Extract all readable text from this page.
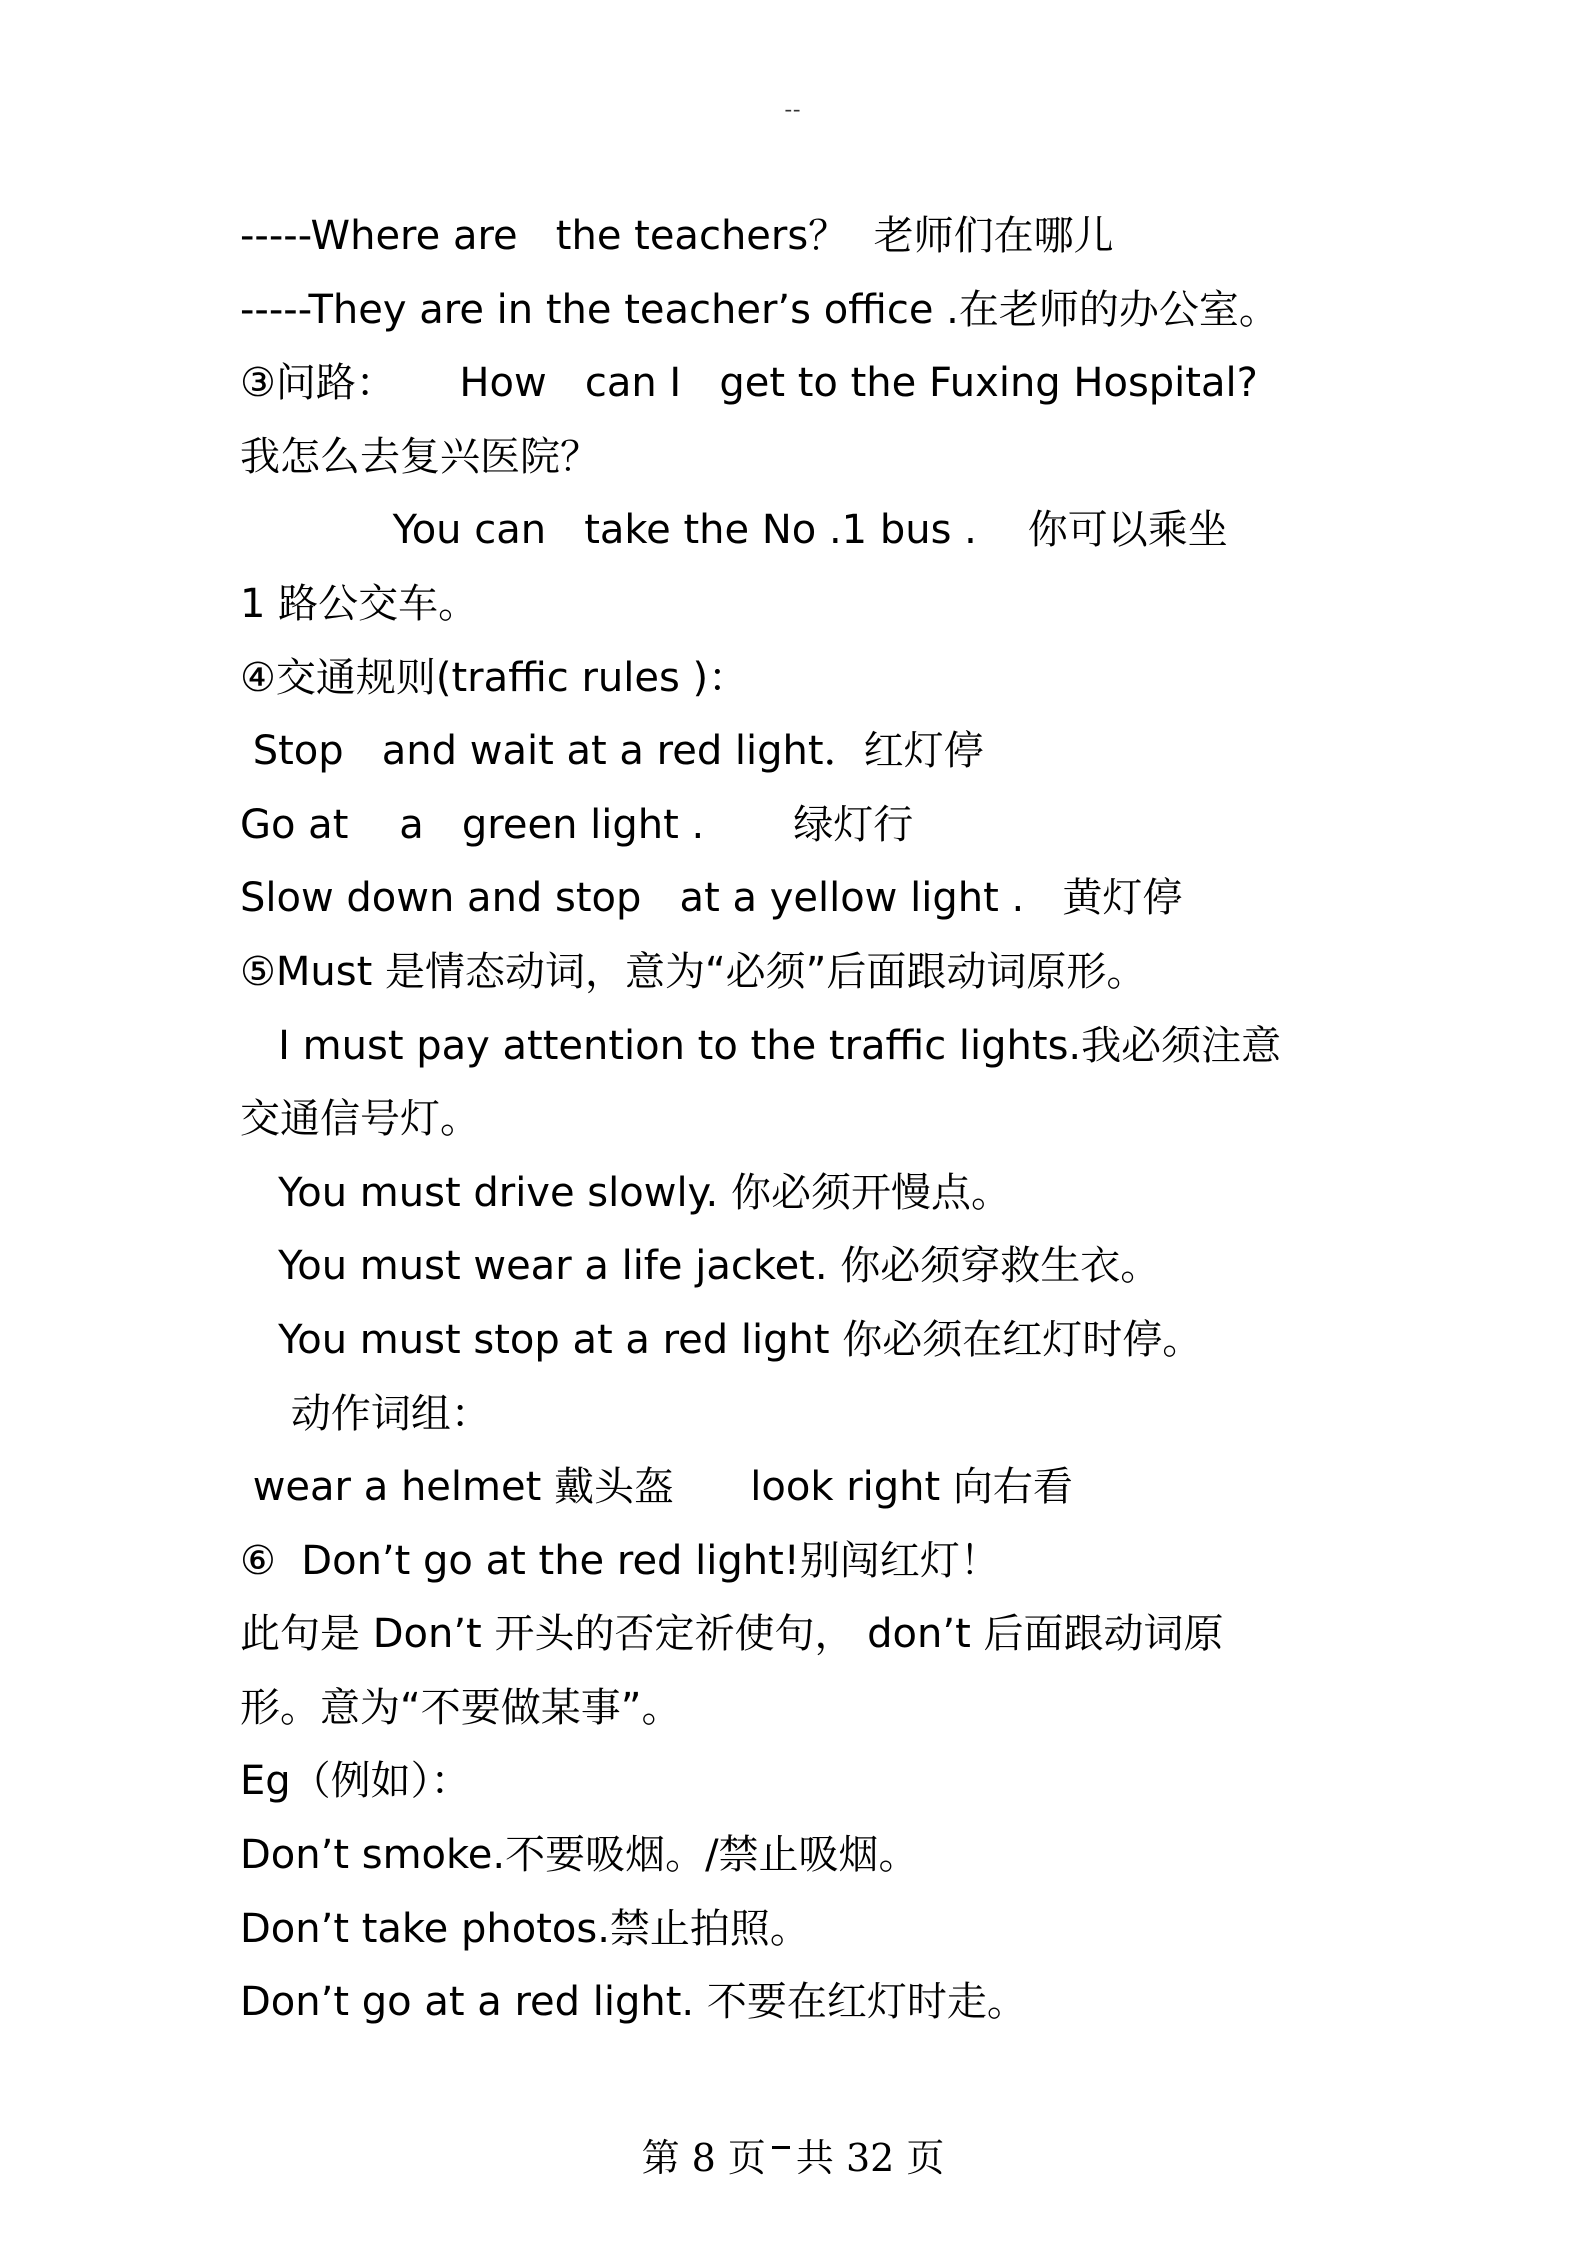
--
-----Where are   the teachers？  老师们在哪儿
-----They are in the teacher’s office .在老师的办公室。
③问路：     How   can I   get to the Fuxing Hospital?
我怎么去复兴医院？
You can   take the No .1 bus .    你可以乘坐
1 路公交车。
④交通规则(traffic rules )：
Stop   and wait at a red light．红灯停
Go at    a   green light .       绿灯行
Slow down and stop   at a yellow light .   黄灯停
⑤Must 是情态动词，意为“必须”后面跟动词原形。
I must pay attention to the traffic lights.我必须注意
交通信号灯。
You must drive slowly. 你必须开慢点。
You must wear a life jacket. 你必须穿救生衣。
You must stop at a red light 你必须在红灯时停。
动作词组：
wear a helmet 戴头盔      look right 向右看
⑥  Don’t go at the red light!别闯红灯！
此句是 Don’t 开头的否定祈使句， don’t 后面跟动词原
形。意为“不要做某事”。
Eg（例如）：
Don’t smoke.不要吸烟。/禁止吸烟。
Don’t take photos.禁止拍照。
Don’t go at a red light. 不要在红灯时走。
第 8 页 共 32 页
